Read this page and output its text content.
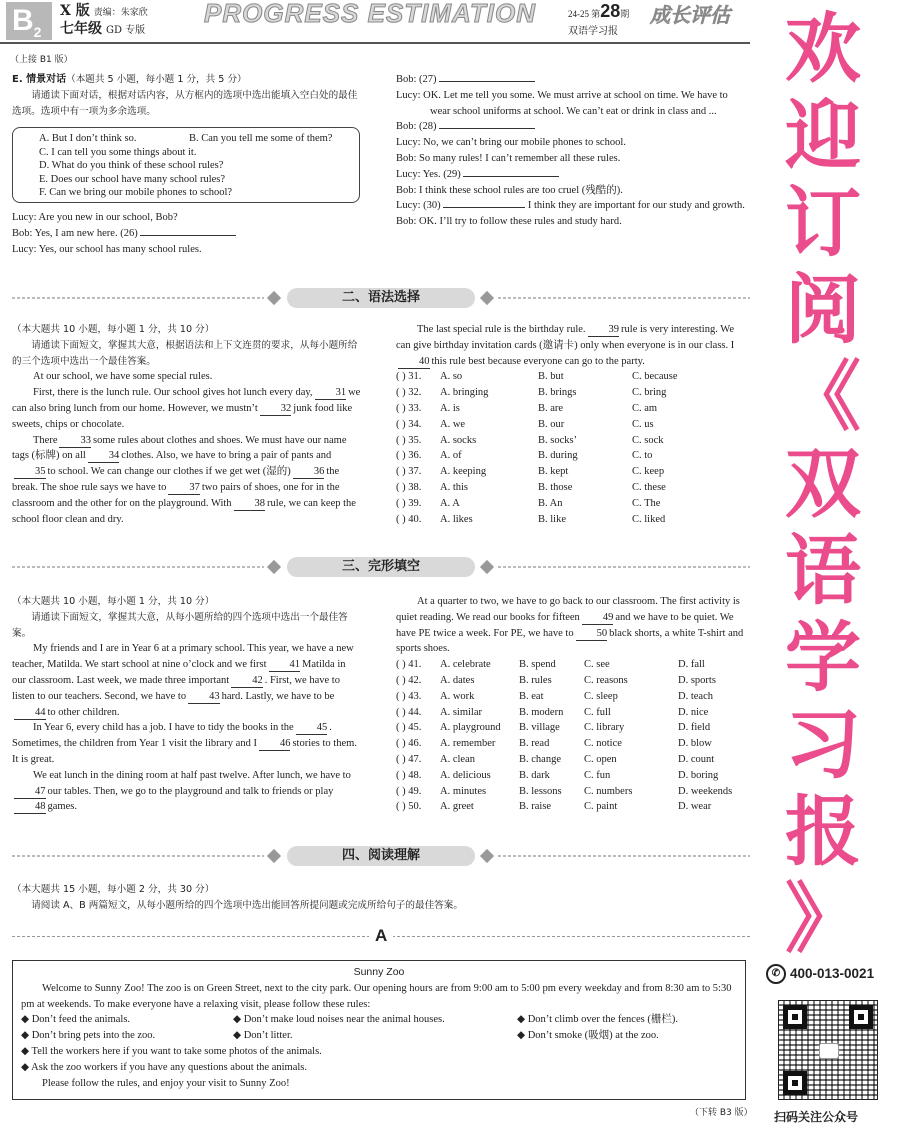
$B_2$
X 版 责编：朱家欣
七年级 GD 专版
PROGRESS ESTIMATION	24-25 第28期
双语学习报
成长评估
（上接 B1 版）

E. 情景对话（本题共 5 小题，每小题 1 分，共 5 分）

请通读下面对话，根据对话内容，从方框内的选项中选出能填入空白处的最佳选项。选项中有一项为多余选项。

A. But I don’t think so.	B. Can you tell me some of them?
C. I can tell you some things about it.
D. What do you think of these school rules?
E. Does our school have many school rules?
F. Can we bring our mobile phones to school?

Lucy: Are you new in our school, Bob?

Bob: Yes, I am new here. (26)

Lucy: Yes, our school has many school rules.

Bob: (27)

Lucy: OK. Let me tell you some. We must arrive at school on time. We have to wear school uniforms at school. We can’t eat or drink in class and ...

Bob: (28)

Lucy: No, we can’t bring our mobile phones to school.

Bob: So many rules! I can’t remember all these rules.

Lucy: Yes. (29)

Bob: I think these school rules are too cruel (残酷的).

Lucy: (30)	I think they are important for our study and growth.

Bob: OK. I’ll try to follow these rules and study hard.

二、语法选择

（本大题共 10 小题，每小题 1 分，共 10 分）

请通读下面短文，掌握其大意，根据语法和上下文连贯的要求，从每小题所给的三个选项中选出一个最佳答案。

At our school, we have some special rules.

First, there is the lunch rule. Our school gives hot lunch every day, 31 we can also bring lunch from our home. However, we mustn’t 32 junk food like sweets, chips or chocolate.

There 33 some rules about clothes and shoes. We must have our name tags (标牌) on all 34 clothes. Also, we have to bring a pair of pants and35 to school. We can change our clothes if we get wet (湿的) 36 the break. The shoe rule says we have to 37 two pairs of shoes, one for in the classroom and the other for on the playground. With 38 rule, we can keep the school floor clean and dry.

The last special rule is the birthday rule. 39 rule is very interesting. We can give birthday invitation cards (邀请卡) only when everyone is in our class. I40 this rule best because everyone can go to the party.

( ) 31.	A. so	B. but	C. because
( ) 32.	A. bringing	B. brings	C. bring
( ) 33.	A. is	B. are	C. am
( ) 34.	A. we	B. our	C. us
( ) 35.	A. socks	B. socks’	C. sock
( ) 36.	A. of	B. during	C. to
( ) 37.	A. keeping	B. kept	C. keep
( ) 38.	A. this	B. those	C. these
( ) 39.	A. A	B. An	C. The
( ) 40.	A. likes	B. like	C. liked
三、完形填空

（本大题共 10 小题，每小题 1 分，共 10 分）

请通读下面短文，掌握其大意，从每小题所给的四个选项中选出一个最佳答案。

My friends and I are in Year 6 at a primary school. This year, we have a new teacher, Matilda. We start school at nine o’clock and we first 41 Matilda in our classroom. Last week, we made three important 42 . First, we have to listen to our teachers. Second, we have to 43 hard. Lastly, we have to be44 to other children.

In Year 6, every child has a job. I have to tidy the books in the 45 . Sometimes, the children from Year 1 visit the library and I 46 stories to them. It is great.

We eat lunch in the dining room at half past twelve. After lunch, we have to47 our tables. Then, we go to the playground and talk to friends or play48 games.

At a quarter to two, we have to go back to our classroom. The first activity is quiet reading. We read our books for fifteen 49 and we have to be quiet. We have PE twice a week. For PE, we have to 50 black shorts, a white T-shirt and sports shoes.

( ) 41.	A. celebrate	B. spend	C. see	D. fall
( ) 42.	A. dates	B. rules	C. reasons	D. sports
( ) 43.	A. work	B. eat	C. sleep	D. teach
( ) 44.	A. similar	B. modern	C. full	D. nice
( ) 45.	A. playground	B. village	C. library	D. field
( ) 46.	A. remember	B. read	C. notice	D. blow
( ) 47.	A. clean	B. change	C. open	D. count
( ) 48.	A. delicious	B. dark	C. fun	D. boring
( ) 49.	A. minutes	B. lessons	C. numbers	D. weekends
( ) 50.	A. greet	B. raise	C. paint	D. wear
四、阅读理解

（本大题共 15 小题，每小题 2 分，共 30 分）

请阅读 A、B 两篇短文，从每小题所给的四个选项中选出能回答所提问题或完成所给句子的最佳答案。

A
Sunny Zoo

Welcome to Sunny Zoo! The zoo is on Green Street, next to the city park. Our opening hours are from 9:00 am to 5:00 pm every weekday and from 8:30 am to 5:30 pm at weekends. To make everyone have a relaxing visit, please follow these rules:

◆ Don’t feed the animals.	◆ Don’t make loud noises near the animal houses.	◆ Don’t climb over the fences (栅栏).
◆ Don’t bring pets into the zoo.	◆ Don’t litter.	◆ Don’t smoke (吸烟) at the zoo.
◆ Tell the workers here if you want to take some photos of the animals.
◆ Ask the zoo workers if you have any questions about the animals.
Please follow the rules, and enjoy your visit to Sunny Zoo!
（下转 B3 版）
欢
迎
订
阅
《
双
语
学
习
报
》
✆ 400-013-0021
扫码关注公众号
